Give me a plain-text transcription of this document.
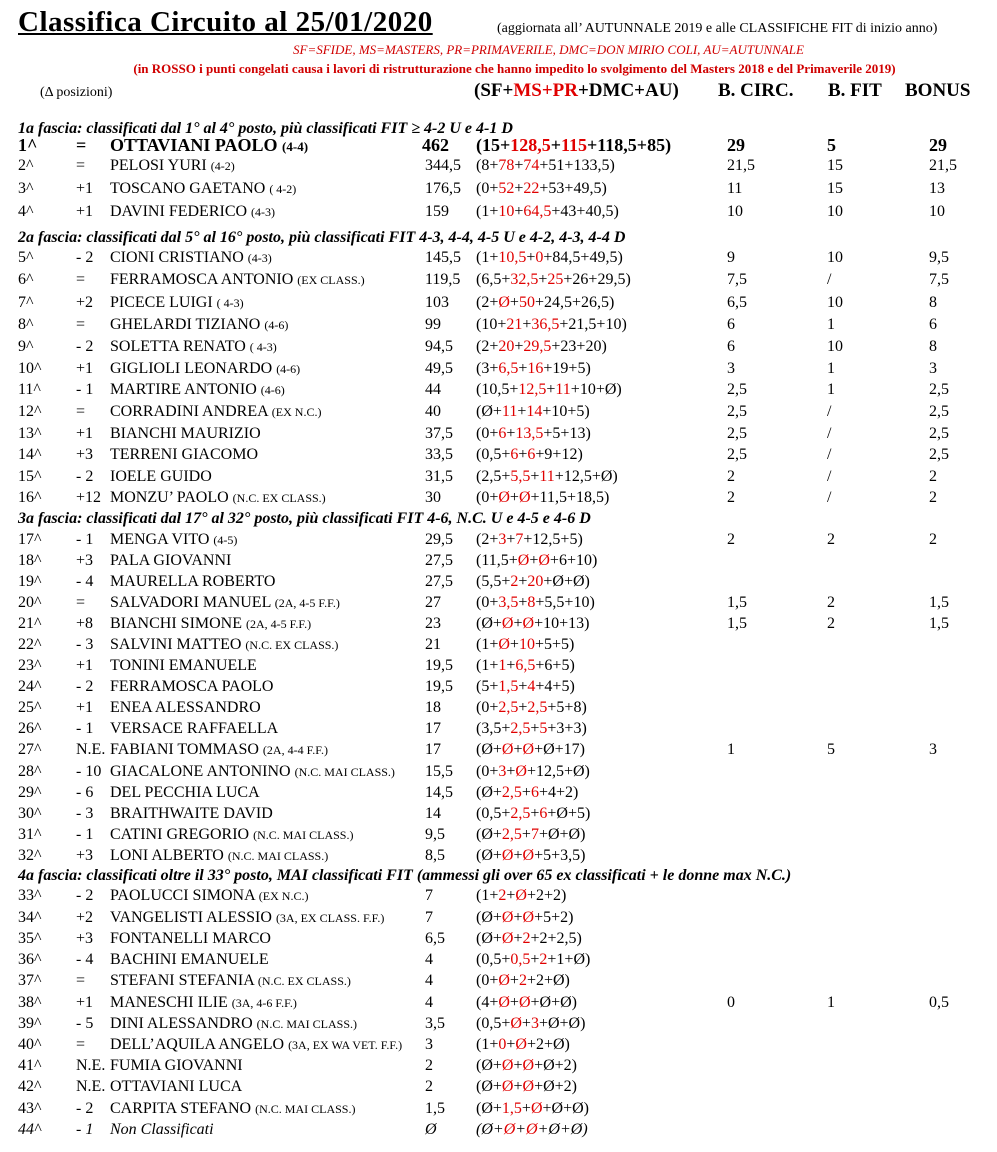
Classifica Circuito al 25/01/2020	(aggiornata all’ AUTUNNALE 2019 e alle CLASSIFICHE FIT di inizio anno)
SF=SFIDE, MS=MASTERS, PR=PRIMAVERILE, DMC=DON MIRIO COLI, AU=AUTUNNALE
(in ROSSO i punti congelati causa i lavori di ristrutturazione che hanno impedito lo svolgimento del Masters 2018 e del Primaverile 2019)
(Δ posizioni)	(SF+MS+PR+DMC+AU) B. CIRC. B. FIT BONUS
1a fascia: classificati dal 1° al 4° posto, più classificati FIT ≥ 4-2 U e 4-1 D
2a fascia: classificati dal 5° al 16° posto, più classificati FIT 4-3, 4-4, 4-5 U e 4-2, 4-3, 4-4 D
3a fascia: classificati dal 17° al 32° posto, più classificati FIT 4-6, N.C. U e 4-5 e 4-6 D
4a fascia: classificati oltre il 33° posto, MAI classificati FIT (ammessi gli over 65 ex classificati + le donne max N.C.)
1^ = OTTAVIANI PAOLO (4-4)	462 (15+128,5+115+118,5+85)	29	5	29
2^	= PELOSI YURI (4-2)	344,5 (8+78+74+51+133,5)	21,5	15	21,5
3^	+1 TOSCANO GAETANO ( 4-2)	176,5 (0+52+22+53+49,5)	11	15	13
4^	+1 DAVINI FEDERICO (4-3)	159 (1+10+64,5+43+40,5)	10	10	10
5^	- 2 CIONI CRISTIANO (4-3)	145,5 (1+10,5+0+84,5+49,5)	9	10	9,5
6^	= FERRAMOSCA ANTONIO (EX CLASS.)	119,5 (6,5+32,5+25+26+29,5)	7,5	/	7,5
7^	+2 PICECE LUIGI ( 4-3)	103 (2+Ø+50+24,5+26,5)	6,5	10	8
8^	= GHELARDI TIZIANO (4-6)	99 (10+21+36,5+21,5+10)	6	1	6
9^	- 2 SOLETTA RENATO ( 4-3)	94,5 (2+20+29,5+23+20)	6	10	8
10^ +1 GIGLIOLI LEONARDO (4-6)	49,5 (3+6,5+16+19+5)	3	1	3
11^ - 1 MARTIRE ANTONIO (4-6)	44 (10,5+12,5+11+10+Ø)	2,5	1	2,5
12^ = CORRADINI ANDREA (EX N.C.)	40 (Ø+11+14+10+5)	2,5	/	2,5
13^ +1 BIANCHI MAURIZIO	37,5 (0+6+13,5+5+13)	2,5	/	2,5
14^ +3 TERRENI GIACOMO	33,5 (0,5+6+6+9+12)	2,5	/	2,5
15^ - 2 IOELE GUIDO	31,5 (2,5+5,5+11+12,5+Ø)	2	/	2
16^ +12 MONZU’ PAOLO (N.C. EX CLASS.)	30 (0+Ø+Ø+11,5+18,5)	2	/	2
17^ - 1 MENGA VITO (4-5)	29,5 (2+3+7+12,5+5)	2	2	2
18^ +3 PALA GIOVANNI	27,5 (11,5+Ø+Ø+6+10)
19^ - 4 MAURELLA ROBERTO	27,5 (5,5+2+20+Ø+Ø)
20^ = SALVADORI MANUEL (2A, 4-5 F.F.)	27 (0+3,5+8+5,5+10)	1,5	2	1,5
21^ +8 BIANCHI SIMONE (2A, 4-5 F.F.)	23 (Ø+Ø+Ø+10+13)	1,5	2	1,5
22^ - 3 SALVINI MATTEO (N.C. EX CLASS.)	21 (1+Ø+10+5+5)
23^ +1 TONINI EMANUELE	19,5 (1+1+6,5+6+5)
24^ - 2 FERRAMOSCA PAOLO	19,5 (5+1,5+4+4+5)
25^ +1 ENEA ALESSANDRO	18 (0+2,5+2,5+5+8)
26^ - 1 VERSACE RAFFAELLA	17 (3,5+2,5+5+3+3)
27^ N.E. FABIANI TOMMASO (2A, 4-4 F.F.)	17 (Ø+Ø+Ø+Ø+17)	1	5	3
28^ - 10 GIACALONE ANTONINO (N.C. MAI CLASS.) 15,5 (0+3+Ø+12,5+Ø)
29^ - 6 DEL PECCHIA LUCA	14,5 (Ø+2,5+6+4+2)
30^ - 3 BRAITHWAITE DAVID	14 (0,5+2,5+6+Ø+5)
31^ - 1 CATINI GREGORIO (N.C. MAI CLASS.)	9,5 (Ø+2,5+7+Ø+Ø)
32^ +3 LONI ALBERTO (N.C. MAI CLASS.)	8,5 (Ø+Ø+Ø+5+3,5)
33^ - 2 PAOLUCCI SIMONA (EX N.C.)	7	(1+2+Ø+2+2)
34^ +2 VANGELISTI ALESSIO (3A, EX CLASS. F.F.)	7	(Ø+Ø+Ø+5+2)
35^ +3 FONTANELLI MARCO	6,5 (Ø+Ø+2+2+2,5)
36^ - 4 BACHINI EMANUELE	4	(0,5+0,5+2+1+Ø)
37^ = STEFANI STEFANIA (N.C. EX CLASS.)	4	(0+Ø+2+2+Ø)
38^ +1 MANESCHI ILIE (3A, 4-6 F.F.)	4	(4+Ø+Ø+Ø+Ø)	0	1	0,5
39^ - 5 DINI ALESSANDRO (N.C. MAI CLASS.)	3,5 (0,5+Ø+3+Ø+Ø)
40^ = DELL’AQUILA ANGELO (3A, EX WA VET. F.F.) 3	(1+0+Ø+2+Ø)
41^ N.E. FUMIA GIOVANNI	2	(Ø+Ø+Ø+Ø+2)
42^ N.E. OTTAVIANI LUCA	2	(Ø+Ø+Ø+Ø+2)
43^ - 2 CARPITA STEFANO (N.C. MAI CLASS.)	1,5 (Ø+1,5+Ø+Ø+Ø)
44^ - 1 Non Classificati	Ø (Ø+Ø+Ø+Ø+Ø)
